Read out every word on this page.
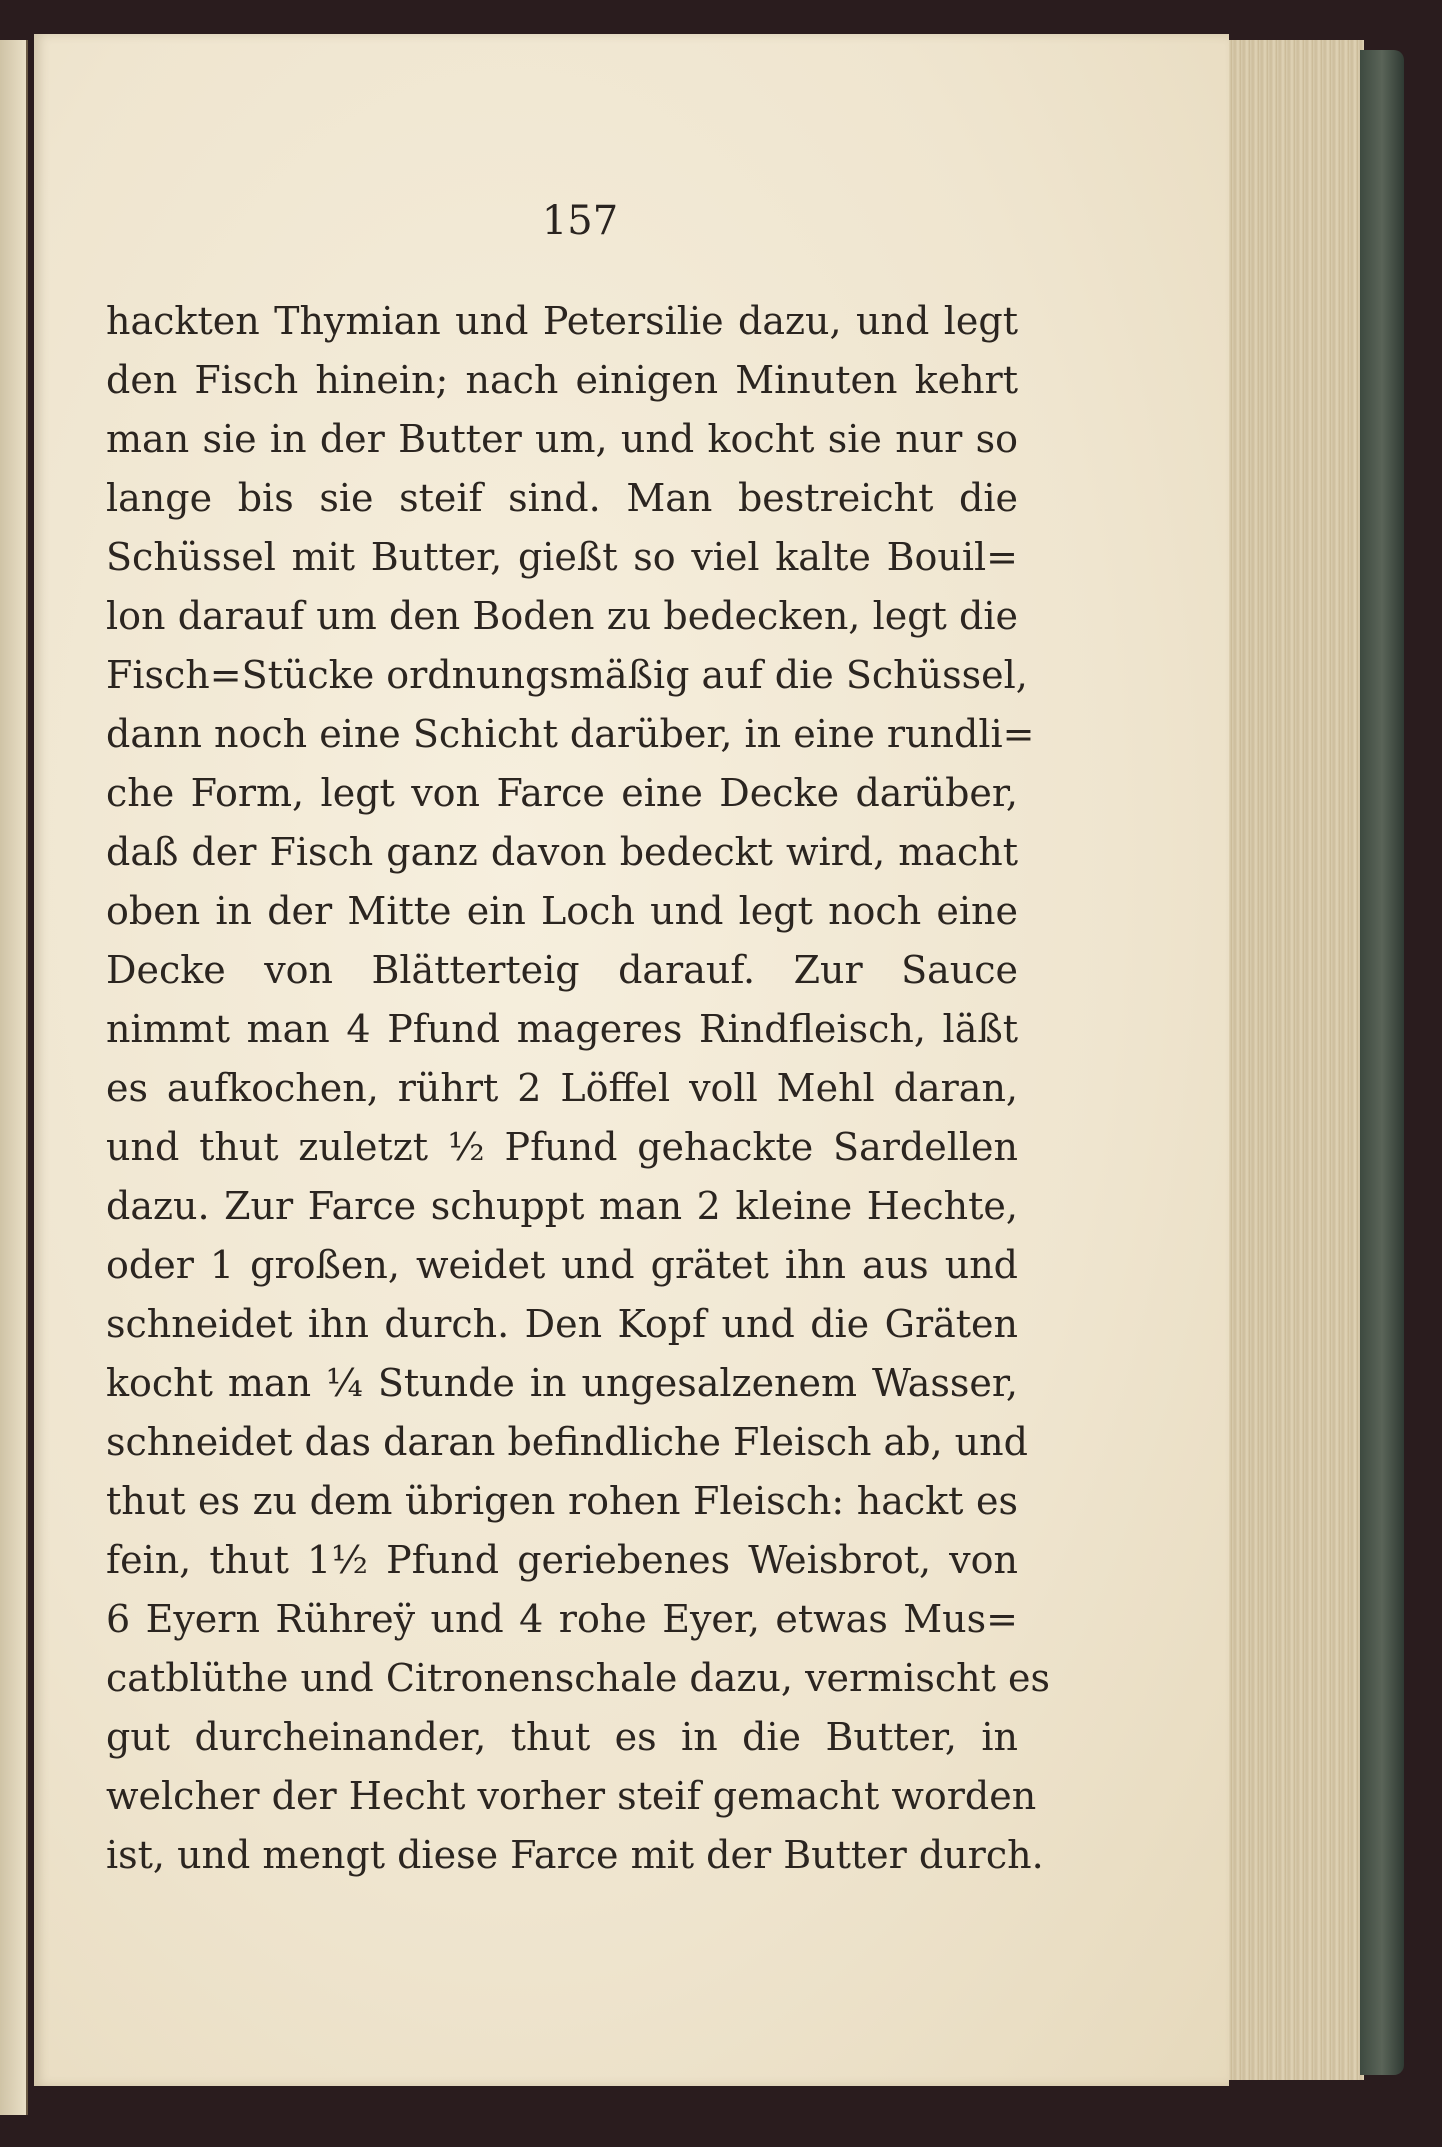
157
hackten Thymian und Petersilie dazu, und legt
den Fisch hinein; nach einigen Minuten kehrt
man sie in der Butter um, und kocht sie nur so
lange bis sie steif sind. Man bestreicht die
Schüssel mit Butter, gießt so viel kalte Bouil=
lon darauf um den Boden zu bedecken, legt die
Fisch=Stücke ordnungsmäßig auf die Schüssel,
dann noch eine Schicht darüber, in eine rundli=
che Form, legt von Farce eine Decke darüber,
daß der Fisch ganz davon bedeckt wird, macht
oben in der Mitte ein Loch und legt noch eine
Decke von Blätterteig darauf. Zur Sauce
nimmt man 4 Pfund mageres Rindfleisch, läßt
es aufkochen, rührt 2 Löffel voll Mehl daran,
und thut zuletzt ½ Pfund gehackte Sardellen
dazu. Zur Farce schuppt man 2 kleine Hechte,
oder 1 großen, weidet und grätet ihn aus und
schneidet ihn durch. Den Kopf und die Gräten
kocht man ¼ Stunde in ungesalzenem Wasser,
schneidet das daran befindliche Fleisch ab, und
thut es zu dem übrigen rohen Fleisch: hackt es
fein, thut 1½ Pfund geriebenes Weisbrot, von
6 Eyern Rühreÿ und 4 rohe Eyer, etwas Mus=
catblüthe und Citronenschale dazu, vermischt es
gut durcheinander, thut es in die Butter, in
welcher der Hecht vorher steif gemacht worden
ist, und mengt diese Farce mit der Butter durch.
